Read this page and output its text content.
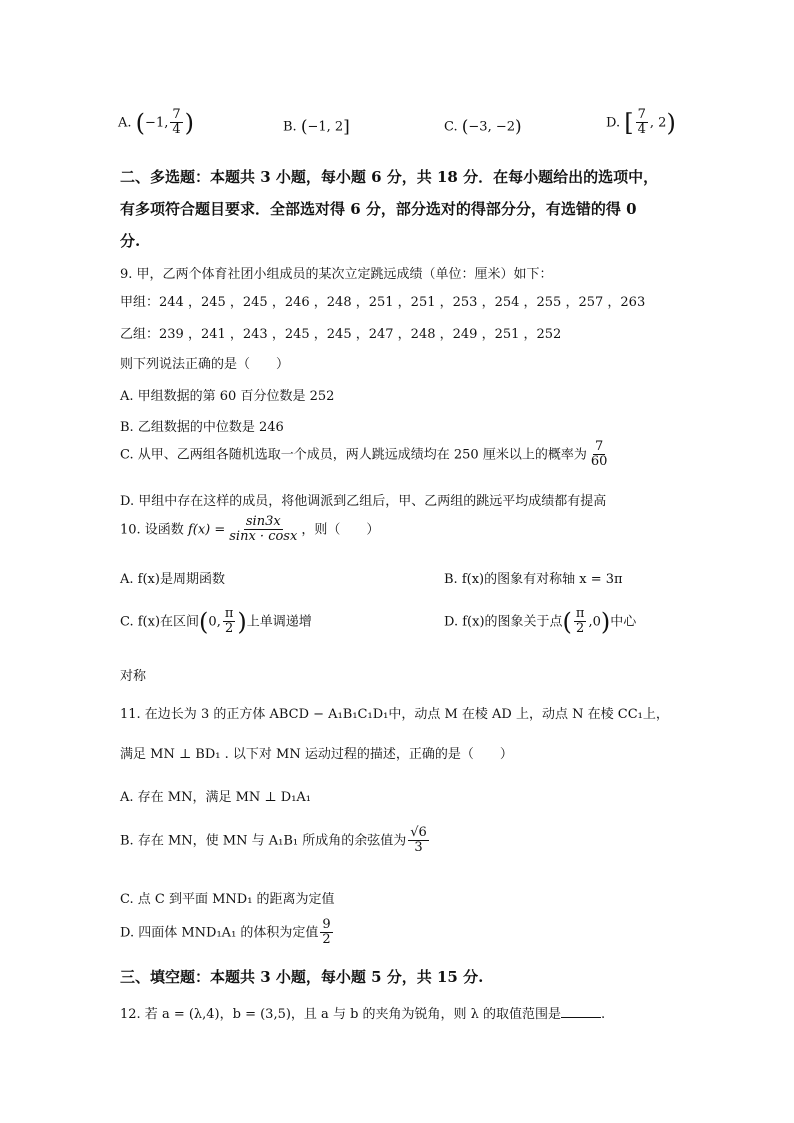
A. (−1, $\frac{7}{4}$ )	B. (−1, 2]	C. (−3, −2)	D. [ $\frac{7}{4}$ , 2)
二、多选题：本题共 3 小题，每小题 6 分，共 18 分．在每小题给出的选项中，
有多项符合题目要求．全部选对得 6 分，部分选对的得部分分，有选错的得 0
分.
9. 甲，乙两个体育社团小组成员的某次立定跳远成绩（单位：厘米）如下：
甲组：244 ，245 ，245 ，246 ，248 ，251 ，251 ，253 ，254 ，255 ，257 ，263
乙组：239 ，241 ，243 ，245 ，245 ，247 ，248 ，249 ，251 ，252
则下列说法正确的是（　　）
A. 甲组数据的第 60 百分位数是 252
B. 乙组数据的中位数是 246
C. 从甲、乙两组各随机选取一个成员，两人跳远成绩均在 250 厘米以上的概率为 $\frac{7}{60}$
D. 甲组中存在这样的成员，将他调派到乙组后，甲、乙两组的跳远平均成绩都有提高
10. 设函数 $f(x) = \frac{\sin 3x}{\sin x \cdot \cos x}$ ，则（　　）
A. f(x)是周期函数	B. f(x)的图象有对称轴 x = 3π
C. f(x)在区间(0, $\frac{\pi}{2}$ )上单调递增	D. f(x)的图象关于点( $\frac{\pi}{2} ,0$)中心
对称
11. 在边长为 3 的正方体 ABCD − A₁B₁C₁D₁中，动点 M 在棱 AD 上，动点 N 在棱 CC₁上，
满足 MN ⊥ BD₁ . 以下对 MN 运动过程的描述，正确的是（　　）
A. 存在 MN，满足 MN ⊥ D₁A₁
B. 存在 MN，使 MN 与 A₁B₁ 所成角的余弦值为 $\frac{√6}{3}$
C. 点 C 到平面 MND₁ 的距离为定值
D. 四面体 MND₁A₁ 的体积为定值 $\frac{9}{2}$
三、填空题：本题共 3 小题，每小题 5 分，共 15 分.
12. 若 a = (λ,4)，b = (3,5)，且 a 与 b 的夹角为锐角，则 λ 的取值范围是	.
